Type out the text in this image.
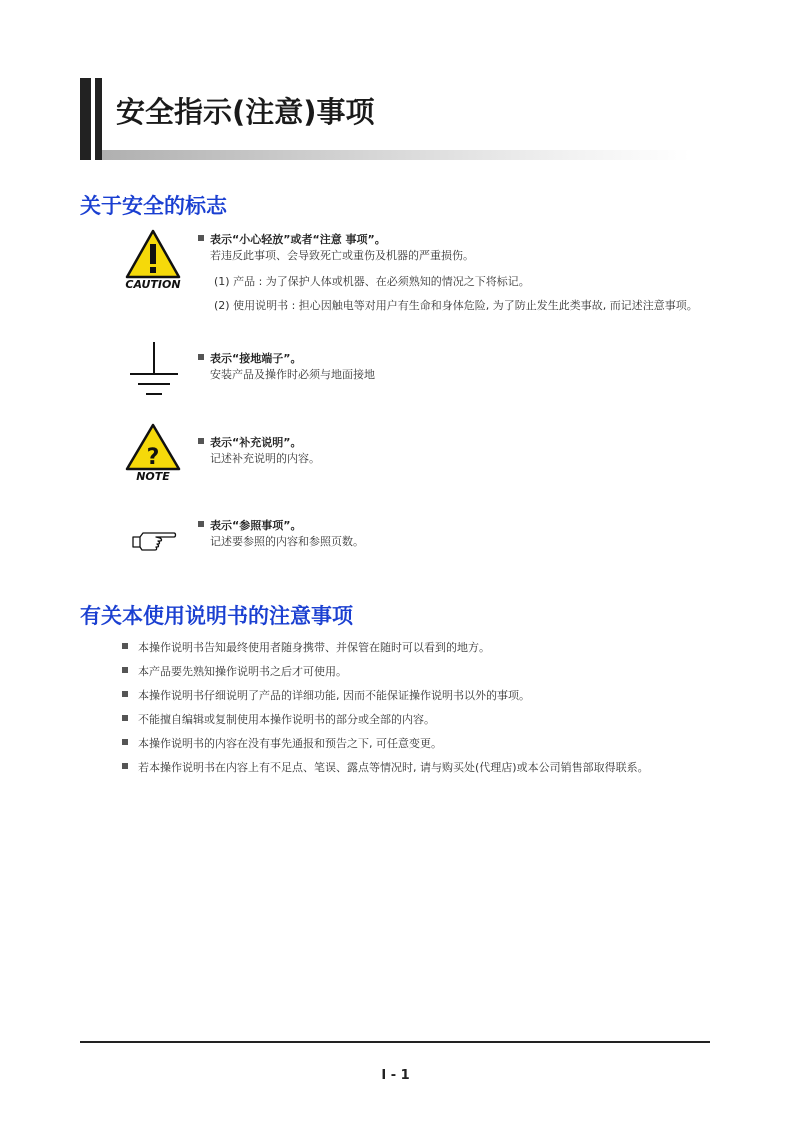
安全指示(注意)事项
关于安全的标志
CAUTION
表示“小心轻放”或者“注意 事项”。
若违反此事项、会导致死亡或重伤及机器的严重损伤。
(1) 产品 : 为了保护人体或机器、在必须熟知的情况之下将标记。
(2) 使用说明书 : 担心因触电等对用户有生命和身体危险, 为了防止发生此类事故, 而记述注意事项。
表示“接地端子”。
安装产品及操作时必须与地面接地
?
NOTE
表示“补充说明”。
记述补充说明的内容。
表示“参照事项”。
记述要参照的内容和参照页数。
有关本使用说明书的注意事项
本操作说明书告知最终使用者随身携带、并保管在随时可以看到的地方。
本产品要先熟知操作说明书之后才可使用。
本操作说明书仔细说明了产品的详细功能, 因而不能保证操作说明书以外的事项。
不能擅自编辑或复制使用本操作说明书的部分或全部的内容。
本操作说明书的内容在没有事先通报和预告之下, 可任意变更。
若本操作说明书在内容上有不足点、笔误、露点等情况时, 请与购买处(代理店)或本公司销售部取得联系。
I - 1
